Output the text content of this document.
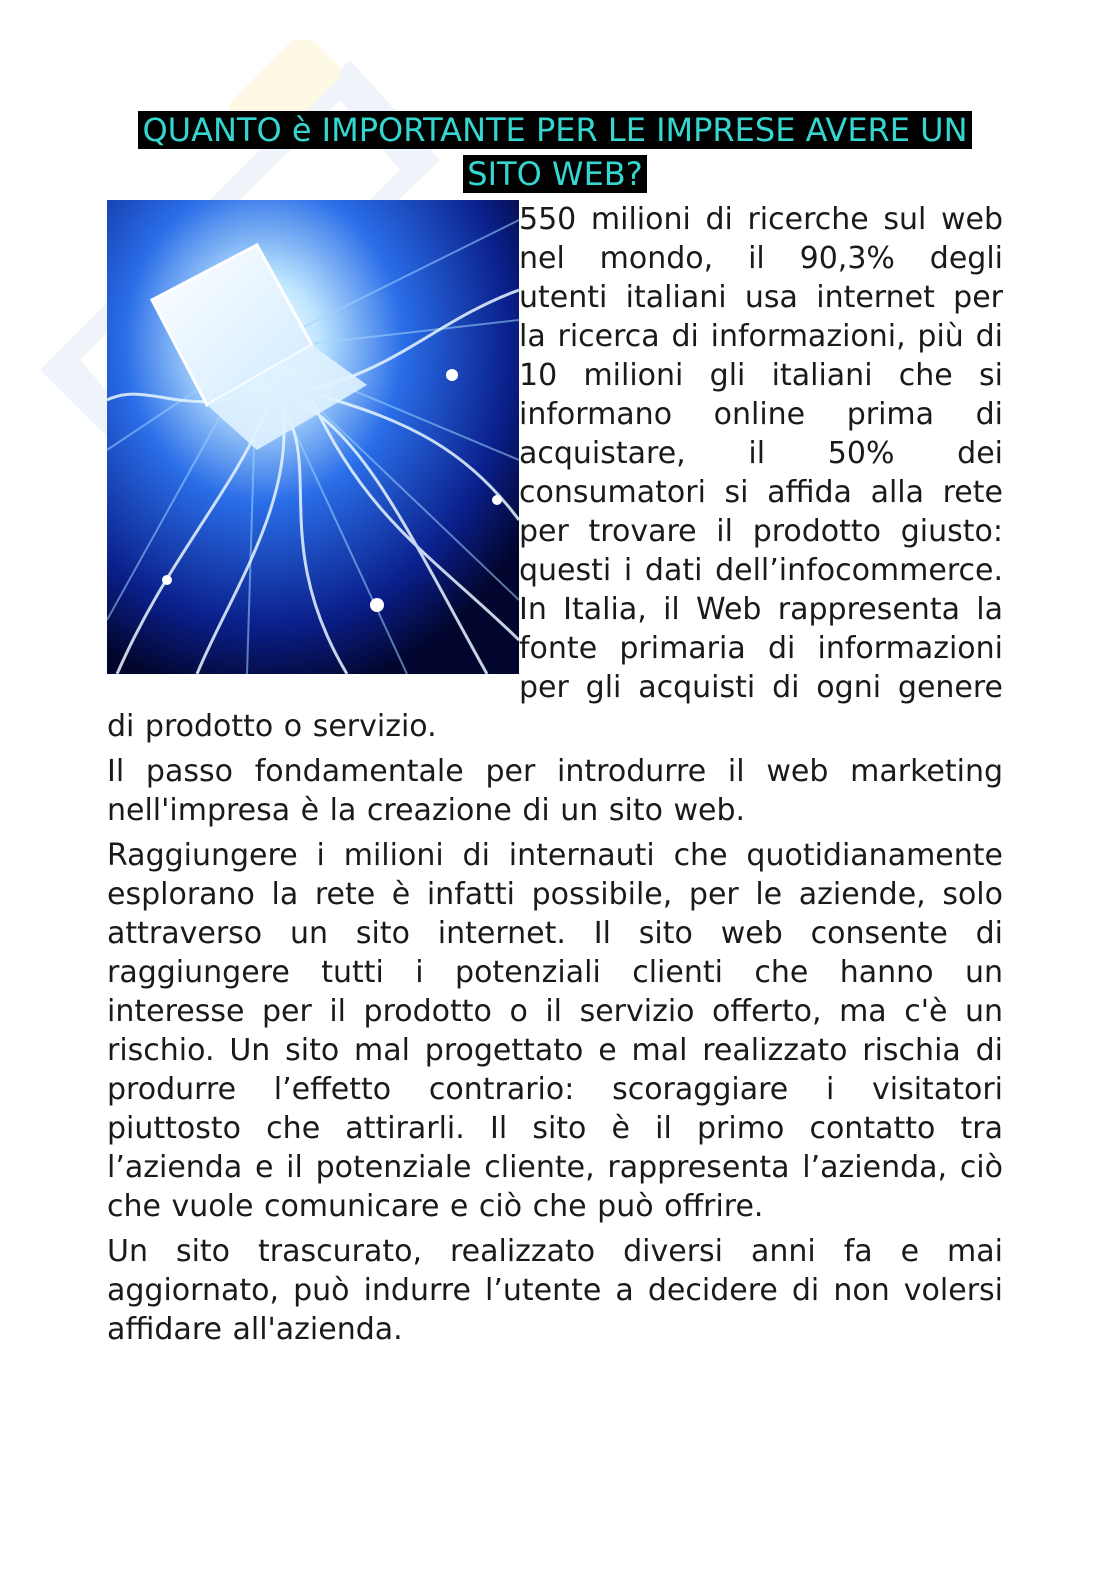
QUANTO è IMPORTANTE PER LE IMPRESE AVERE UN SITO WEB?

550 milioni di ricerche sul web nel mondo, il 90,3% degli utenti italiani usa internet per la ricerca di informazioni, più di 10 milioni gli italiani che si informano online prima di acquistare, il 50% dei consumatori si affida alla rete per trovare il prodotto giusto: questi i dati dell’infocommerce. In Italia, il Web rappresenta la fonte primaria di informazioni per gli acquisti di ogni genere di prodotto o servizio.

Il passo fondamentale per introdurre il web marketing nell'impresa è la creazione di un sito web.

Raggiungere i milioni di internauti che quotidianamente esplorano la rete è infatti possibile, per le aziende, solo attraverso un sito internet. Il sito web consente di raggiungere tutti i potenziali clienti che hanno un interesse per il prodotto o il servizio offerto, ma c'è un rischio. Un sito mal progettato e mal realizzato rischia di produrre l’effetto contrario: scoraggiare i visitatori piuttosto che attirarli. Il sito è il primo contatto tra l’azienda e il potenziale cliente, rappresenta l’azienda, ciò che vuole comunicare e ciò che può offrire.

Un sito trascurato, realizzato diversi anni fa e mai aggiornato, può indurre l’utente a decidere di non volersi affidare all'azienda.
